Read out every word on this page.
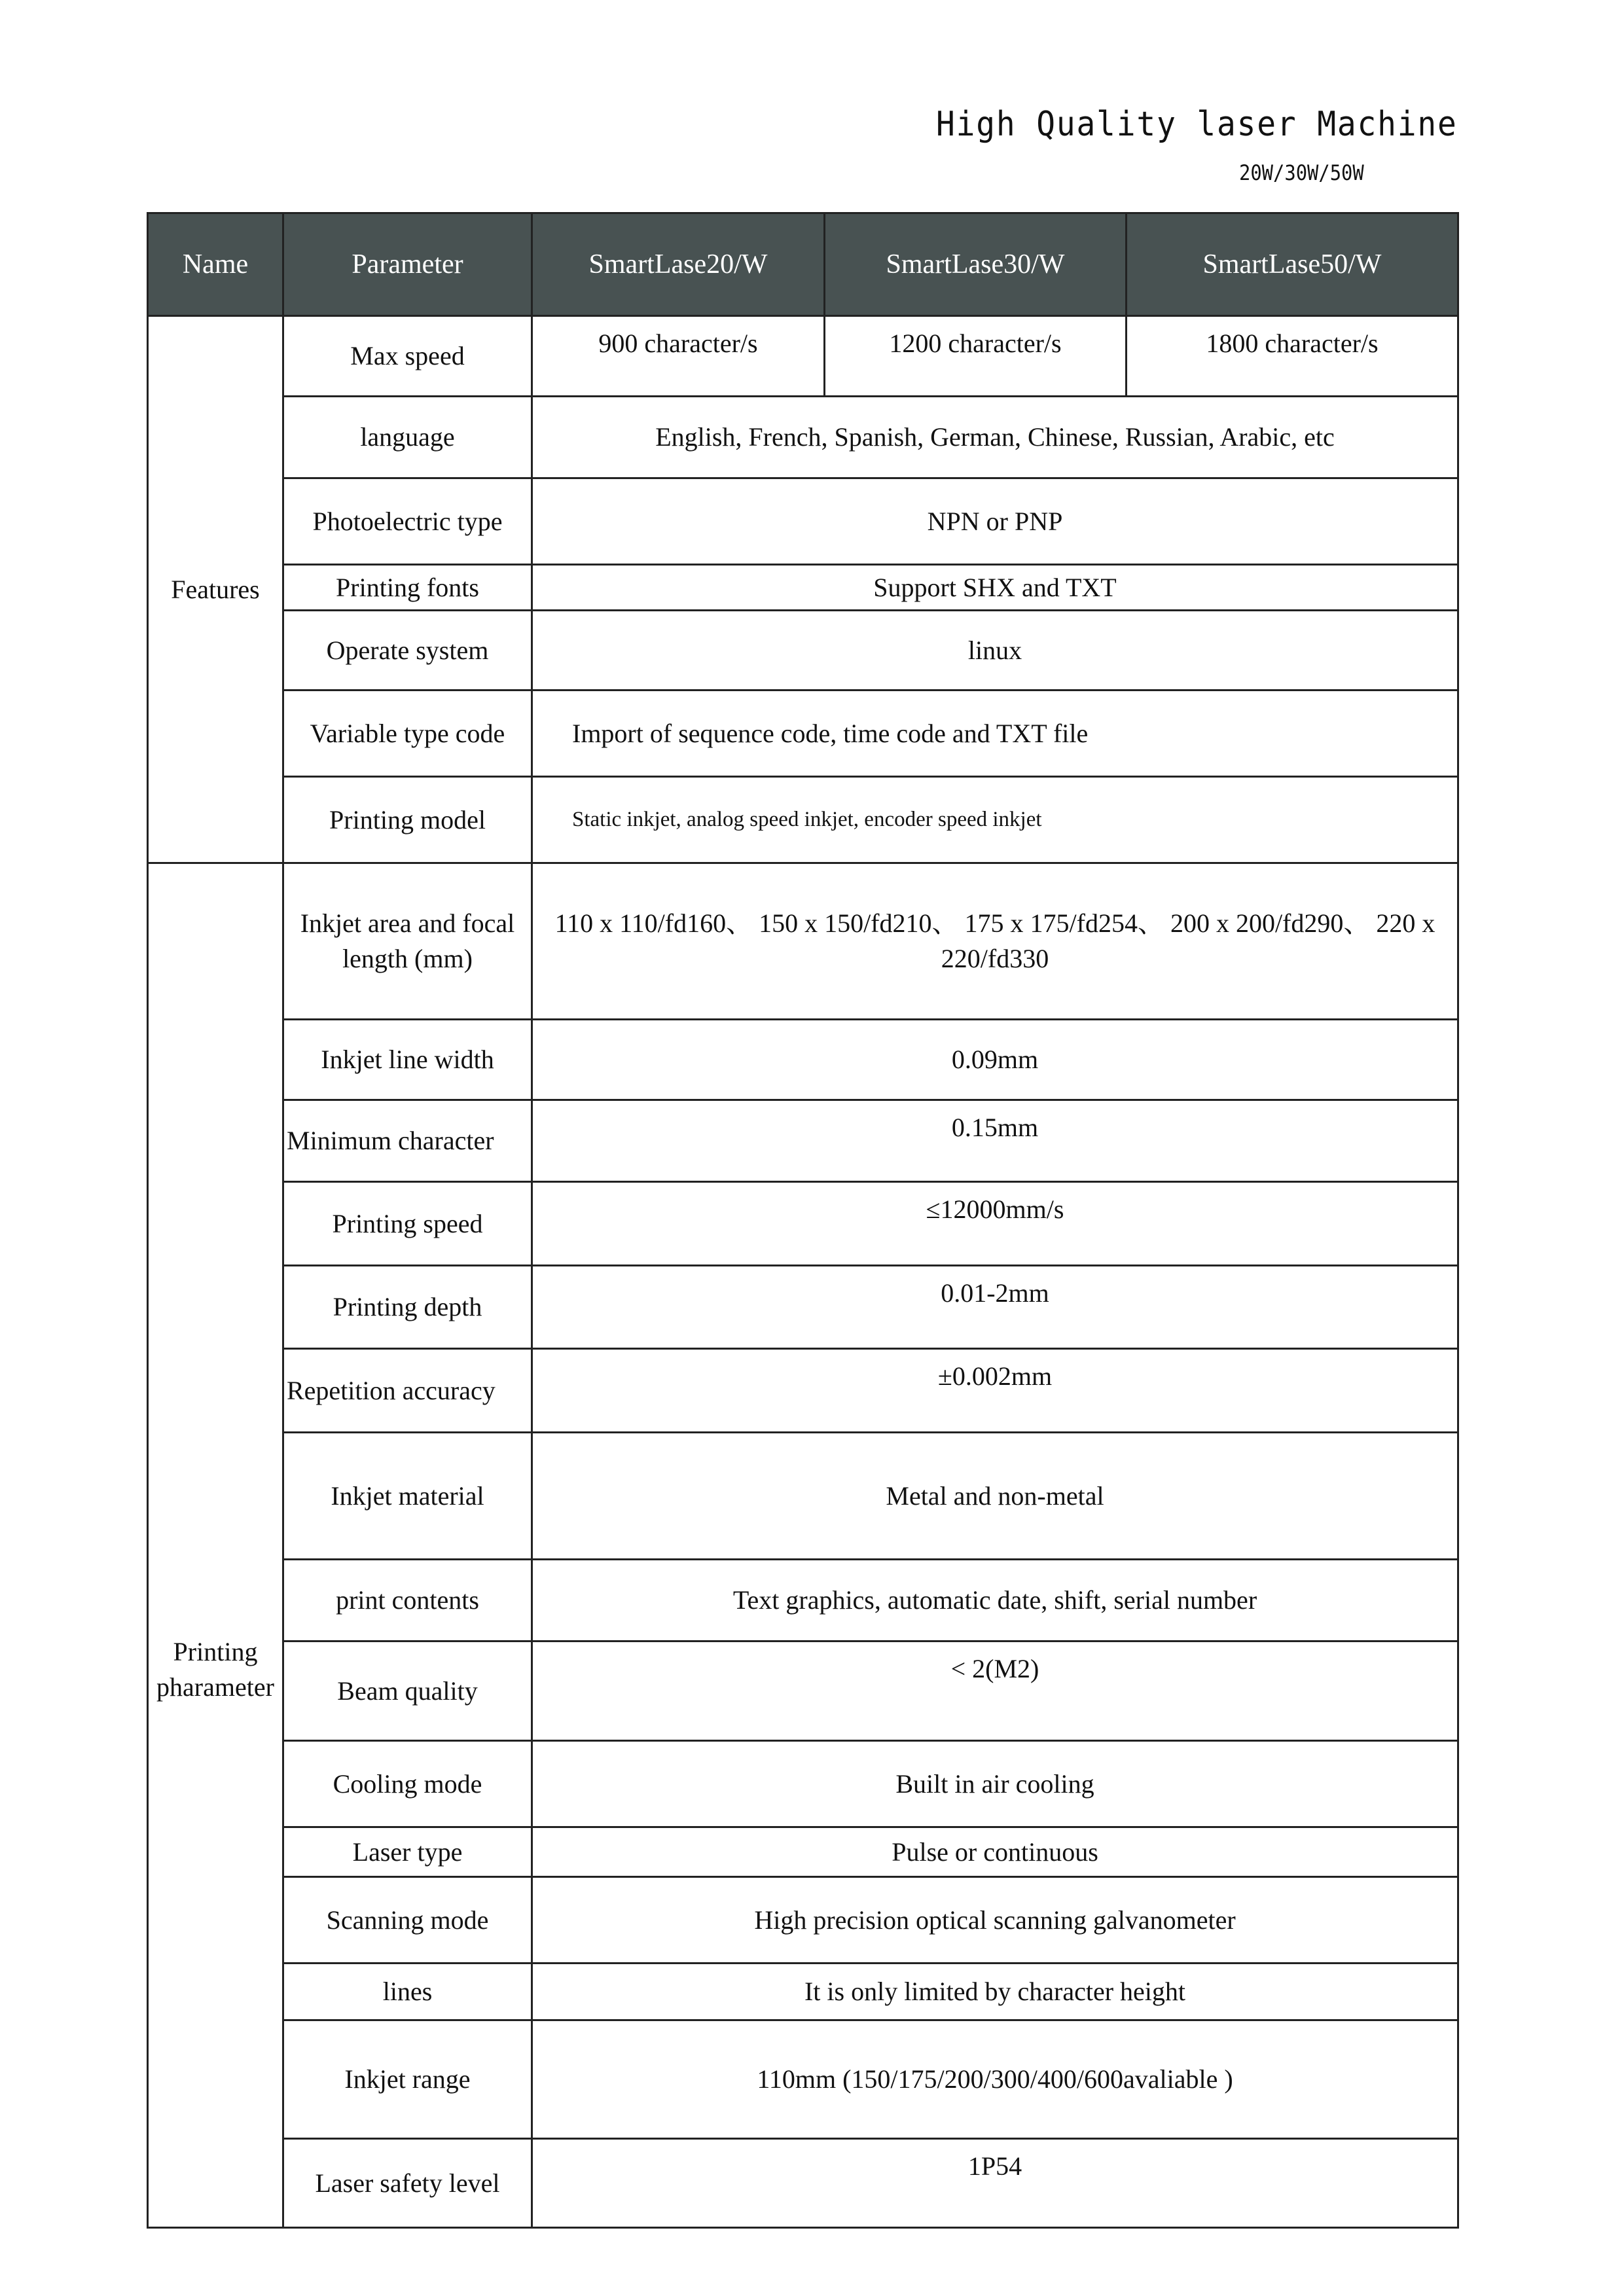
High Quality laser Machine
20W/30W/50W
Name	Parameter	SmartLase20/W	SmartLase30/W	SmartLase50/W
Features	Max speed	900 character/s	1200 character/s	1800 character/s
	language	English, French, Spanish, German, Chinese, Russian, Arabic, etc		
	Photoelectric type	NPN or PNP		
	Printing fonts	Support SHX and TXT		
	Operate system	linux		
	Variable type code	Import of sequence code, time code and TXT file		
	Printing model	Static inkjet, analog speed inkjet, encoder speed inkjet		
Printing pharameter	Inkjet area and focal length (mm)	110 x 110/fd160、 150 x 150/fd210、 175 x 175/fd254、 200 x 200/fd290、 220 x 220/fd330		
	Inkjet line width	0.09mm		
	Minimum character	0.15mm		
	Printing speed	≤12000mm/s		
	Printing depth	0.01-2mm		
	Repetition accuracy	±0.002mm		
	Inkjet material	Metal and non-metal		
	print contents	Text graphics, automatic date, shift, serial number		
	Beam quality	< 2(M2)		
	Cooling mode	Built in air cooling		
	Laser type	Pulse or continuous		
	Scanning mode	High precision optical scanning galvanometer		
	lines	It is only limited by character height		
	Inkjet range	110mm (150/175/200/300/400/600avaliable )		
	Laser safety level	1P54		
